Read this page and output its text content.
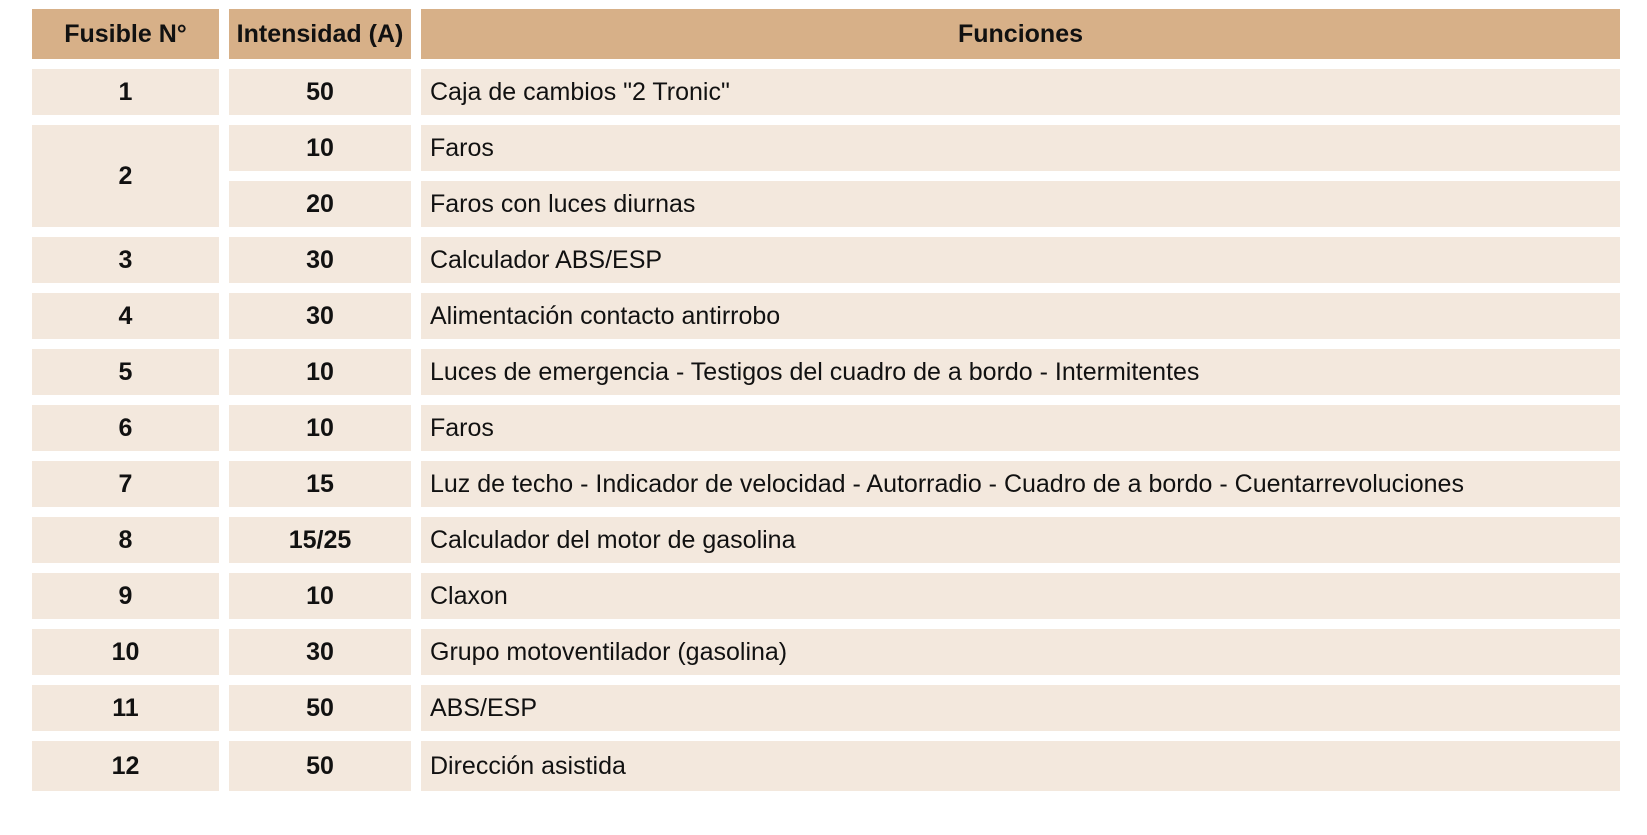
Fusible N°	Intensidad (A)	Funciones
1	50	Caja de cambios "2 Tronic"
2	10	Faros
	20	Faros con luces diurnas
3	30	Calculador ABS/ESP
4	30	Alimentación contacto antirrobo
5	10	Luces de emergencia - Testigos del cuadro de a bordo - Intermitentes
6	10	Faros
7	15	Luz de techo - Indicador de velocidad - Autorradio - Cuadro de a bordo - Cuentarrevoluciones
8	15/25	Calculador del motor de gasolina
9	10	Claxon
10	30	Grupo motoventilador (gasolina)
11	50	ABS/ESP
12	50	Dirección asistida
